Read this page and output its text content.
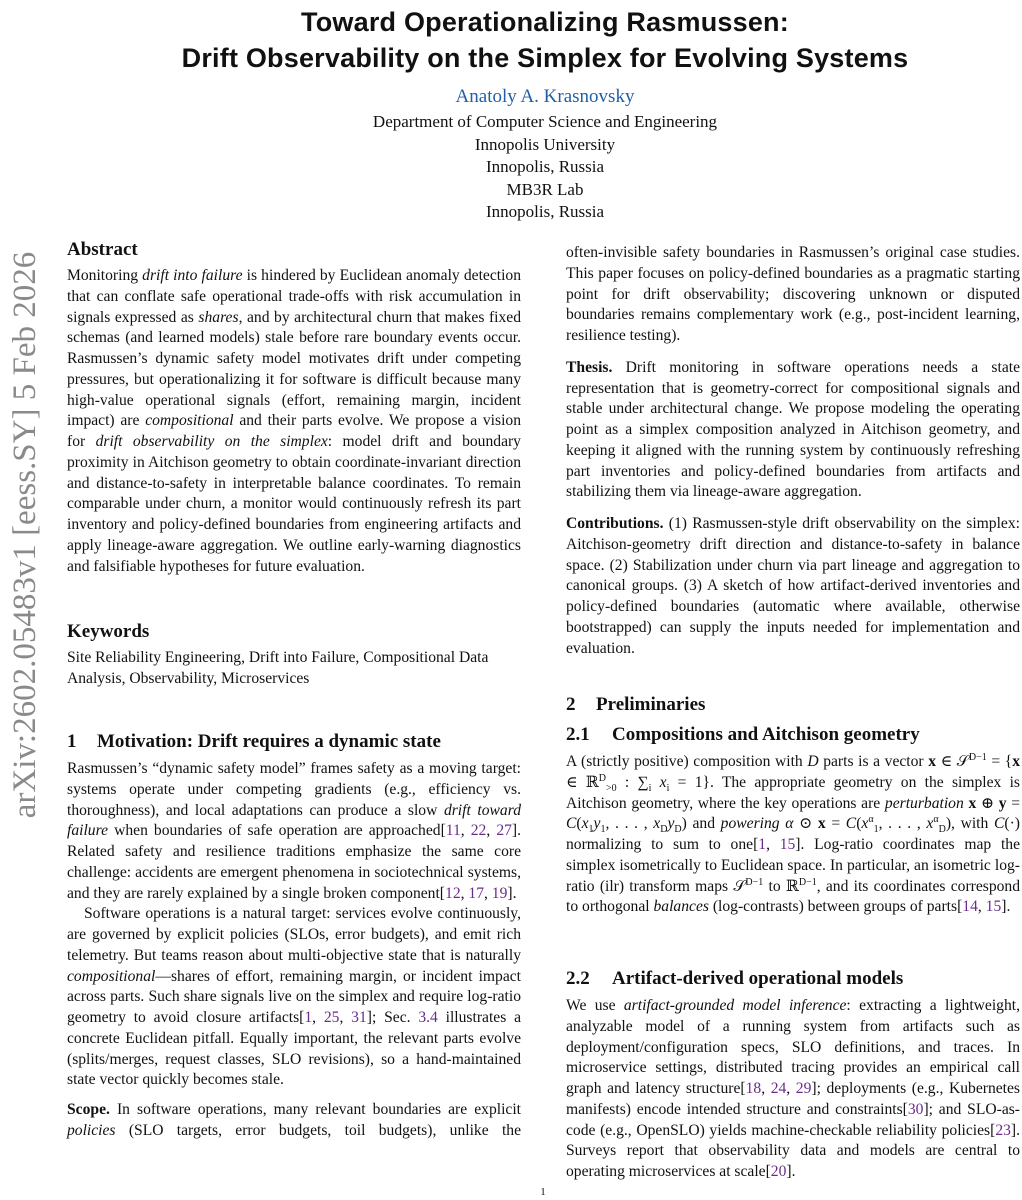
arXiv:2602.05483v1 [eess.SY] 5 Feb 2026
Toward Operationalizing Rasmussen:
Drift Observability on the Simplex for Evolving Systems
Anatoly A. Krasnovsky
Department of Computer Science and Engineering
Innopolis University
Innopolis, Russia
MB3R Lab
Innopolis, Russia
Abstract

Monitoring drift into failure is hindered by Euclidean anomaly detection that can conflate safe operational trade-offs with risk accumulation in signals expressed as shares, and by architectural churn that makes fixed schemas (and learned models) stale before rare boundary events occur. Rasmussen’s dynamic safety model motivates drift under competing pressures, but operationalizing it for software is difficult because many high-value operational signals (effort, remaining margin, incident impact) are compositional and their parts evolve. We propose a vision for drift observability on the simplex: model drift and boundary proximity in Aitchison geometry to obtain coordinate-invariant direction and distance-to-safety in interpretable balance coordinates. To remain comparable under churn, a monitor would continuously refresh its part inventory and policy-defined boundaries from engineering artifacts and apply lineage-aware aggregation. We outline early-warning diagnostics and falsifiable hypotheses for future evaluation.

Keywords

Site Reliability Engineering, Drift into Failure, Compositional Data Analysis, Observability, Microservices

1 Motivation: Drift requires a dynamic state

Rasmussen’s “dynamic safety model” frames safety as a moving target: systems operate under competing gradients (e.g., efficiency vs. thoroughness), and local adaptations can produce a slow drift toward failure when boundaries of safe operation are approached[11, 22, 27]. Related safety and resilience traditions emphasize the same core challenge: accidents are emergent phenomena in sociotechnical systems, and they are rarely explained by a single broken component[12, 17, 19].

Software operations is a natural target: services evolve continuously, are governed by explicit policies (SLOs, error budgets), and emit rich telemetry. But teams reason about multi-objective state that is naturally compositional—shares of effort, remaining margin, or incident impact across parts. Such share signals live on the simplex and require log-ratio geometry to avoid closure artifacts[1, 25, 31]; Sec. 3.4 illustrates a concrete Euclidean pitfall. Equally important, the relevant parts evolve (splits/merges, request classes, SLO revisions), so a hand-maintained state vector quickly becomes stale.

Scope. In software operations, many relevant boundaries are explicit policies (SLO targets, error budgets, toil budgets), unlike the

often-invisible safety boundaries in Rasmussen’s original case studies. This paper focuses on policy-defined boundaries as a pragmatic starting point for drift observability; discovering unknown or disputed boundaries remains complementary work (e.g., post-incident learning, resilience testing).

Thesis. Drift monitoring in software operations needs a state representation that is geometry-correct for compositional signals and stable under architectural change. We propose modeling the operating point as a simplex composition analyzed in Aitchison geometry, and keeping it aligned with the running system by continuously refreshing part inventories and policy-defined boundaries from artifacts and stabilizing them via lineage-aware aggregation.

Contributions. (1) Rasmussen-style drift observability on the simplex: Aitchison-geometry drift direction and distance-to-safety in balance space. (2) Stabilization under churn via part lineage and aggregation to canonical groups. (3) A sketch of how artifact-derived inventories and policy-defined boundaries (automatic where available, otherwise bootstrapped) can supply the inputs needed for implementation and evaluation.

2 Preliminaries
2.1 Compositions and Aitchison geometry

A (strictly positive) composition with D parts is a vector x ∈ 𝒮$^{D-1}$ = {x ∈ ℝ$^D_{>0}$ : $\sum_i$ $x_i = 1$}. The appropriate geometry on the simplex is Aitchison geometry, where the key operations are perturbation x ⊕ $y = C(x_1y_1$, . . . , $x_Dy_D$) and powering α ⊙ $x = C(x^\alpha_1$, . . . , $x^\alpha_D$), with C(·) normalizing to sum to one[1, 15]. Log-ratio coordinates map the simplex isometrically to Euclidean space. In particular, an isometric log-ratio (ilr) transform maps 𝒮$^{D-1}$ to ℝ$^{D-1}$, and its coordinates correspond to orthogonal balances (log-contrasts) between groups of parts[14, 15].

2.2 Artifact-derived operational models

We use artifact-grounded model inference: extracting a lightweight, analyzable model of a running system from artifacts such as deployment/configuration specs, SLO definitions, and traces. In microservice settings, distributed tracing provides an empirical call graph and latency structure[18, 24, 29]; deployments (e.g., Kubernetes manifests) encode intended structure and constraints[30]; and SLO-as-code (e.g., OpenSLO) yields machine-checkable reliability policies[23]. Surveys report that observability data and models are central to operating microservices at scale[20].

1
